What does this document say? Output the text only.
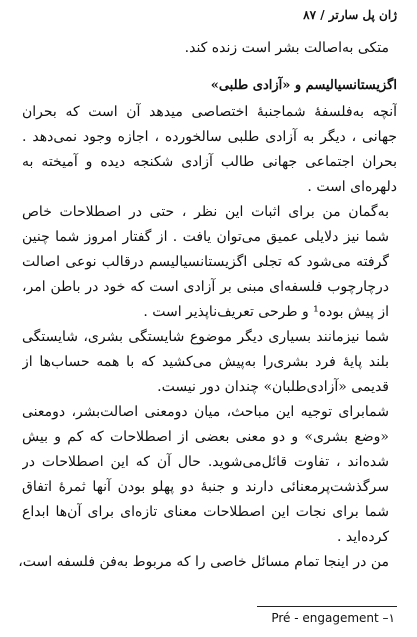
ژان پل سارتر / ۸۷

متکی به‌اصالت بشر است زنده کند.

اگزیستانسیالیسم و «آزادی طلبی»

آنچه به‌فلسفهٔ شماجنبهٔ اختصاصی میدهد آن است که بحران
جهانی ، دیگر به آزادی طلبی سالخورده ، اجازه وجود نمی‌دهد .
بحران اجتماعی جهانی طالب آزادی شکنجه دیده و آمیخته به
دلهره‌ای است .

به‌گمان من برای اثبات این نظر ، حتی در اصطلاحات خاص
شما نیز دلایلی عمیق می‌توان یافت . از گفتار امروز شما چنین
گرفته می‌شود که تجلی اگزیستانسیالیسم درقالب نوعی اصالت
درچارچوب فلسفه‌ای مبنی بر آزادی است که خود در باطن امر،
از پیش بوده¹ و طرحی تعریف‌ناپذیر است .

شما نیزمانند بسیاری دیگر موضوع شایستگی بشری، شایستگی
بلند پایهٔ فرد بشری‌را به‌پیش می‌کشید که با همه حساب‌ها از
قدیمی «آزادی‌طلبان» چندان دور نیست.

شمابرای توجیه این مباحث، میان دومعنی اصالت‌بشر، دومعنی
«وضع بشری» و دو معنی بعضی از اصطلاحات که کم و بیش
شده‌اند ، تفاوت قائل‌می‌شوید. حال آن که این اصطلاحات در
سرگذشت‌پرمعنائی دارند و جنبهٔ دو پهلو بودن آنها ثمرهٔ اتفاق
شما برای نجات این اصطلاحات معنای تازه‌ای برای آن‌ها ابداع
کرده‌اید .

من در اینجا تمام مسائل خاصی را که مربوط به‌فن فلسفه است،

Pré - engagement –۱
